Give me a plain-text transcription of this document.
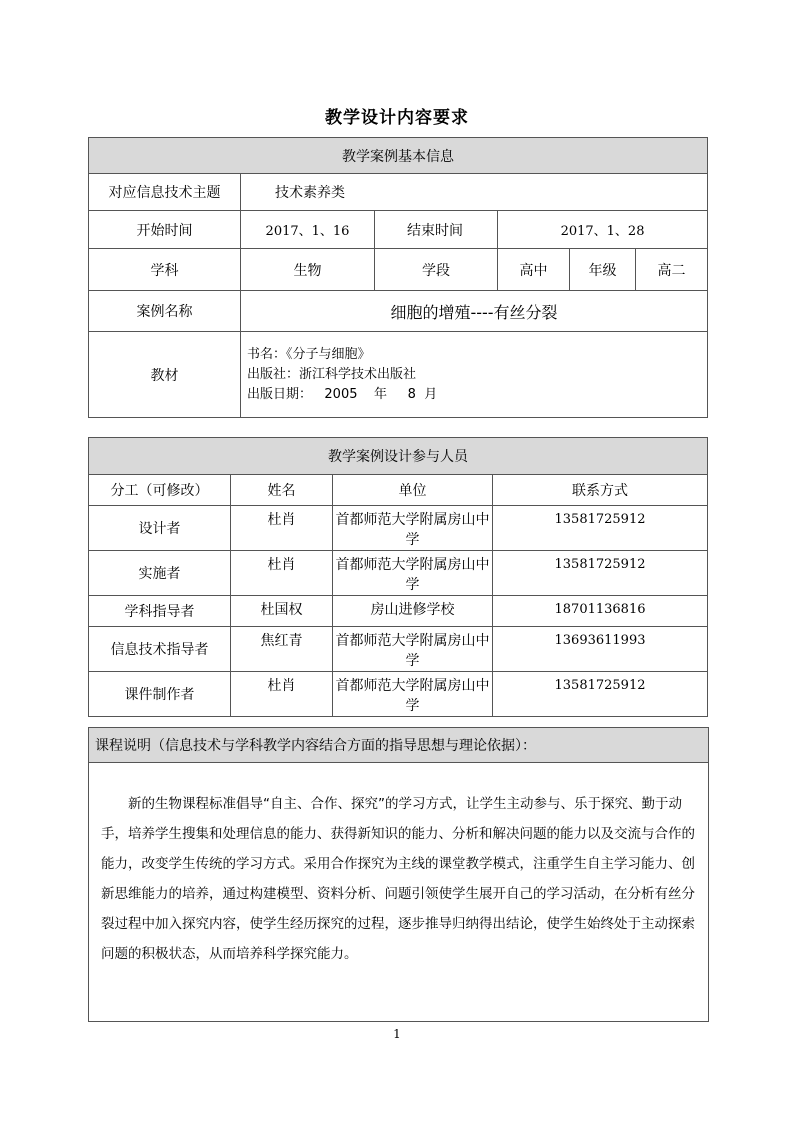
教学设计内容要求
教学案例基本信息					
对应信息技术主题	技术素养类				
开始时间	2017、1、16	结束时间	2017、1、28		
学科	生物	学段	高中	年级	高二
案例名称	细胞的增殖----有丝分裂				
教材	书名：《分子与细胞》
出版社：浙江科学技术出版社
出版日期：   2005    年     8  月				
教学案例设计参与人员			
分工（可修改）	姓名	单位	联系方式
设计者	杜肖	首都师范大学附属房山中学	13581725912
实施者	杜肖	首都师范大学附属房山中学	13581725912
学科指导者	杜国权	房山进修学校	18701136816
信息技术指导者	焦红青	首都师范大学附属房山中学	13693611993
课件制作者	杜肖	首都师范大学附属房山中学	13581725912
课程说明（信息技术与学科教学内容结合方面的指导思想与理论依据）：
新的生物课程标准倡导“自主、合作、探究”的学习方式，让学生主动参与、乐于探究、勤于动手，培养学生搜集和处理信息的能力、获得新知识的能力、分析和解决问题的能力以及交流与合作的能力，改变学生传统的学习方式。采用合作探究为主线的课堂教学模式，注重学生自主学习能力、创新思维能力的培养，通过构建模型、资料分析、问题引领使学生展开自己的学习活动，在分析有丝分裂过程中加入探究内容，使学生经历探究的过程，逐步推导归纳得出结论，使学生始终处于主动探索问题的积极状态，从而培养科学探究能力。
1
